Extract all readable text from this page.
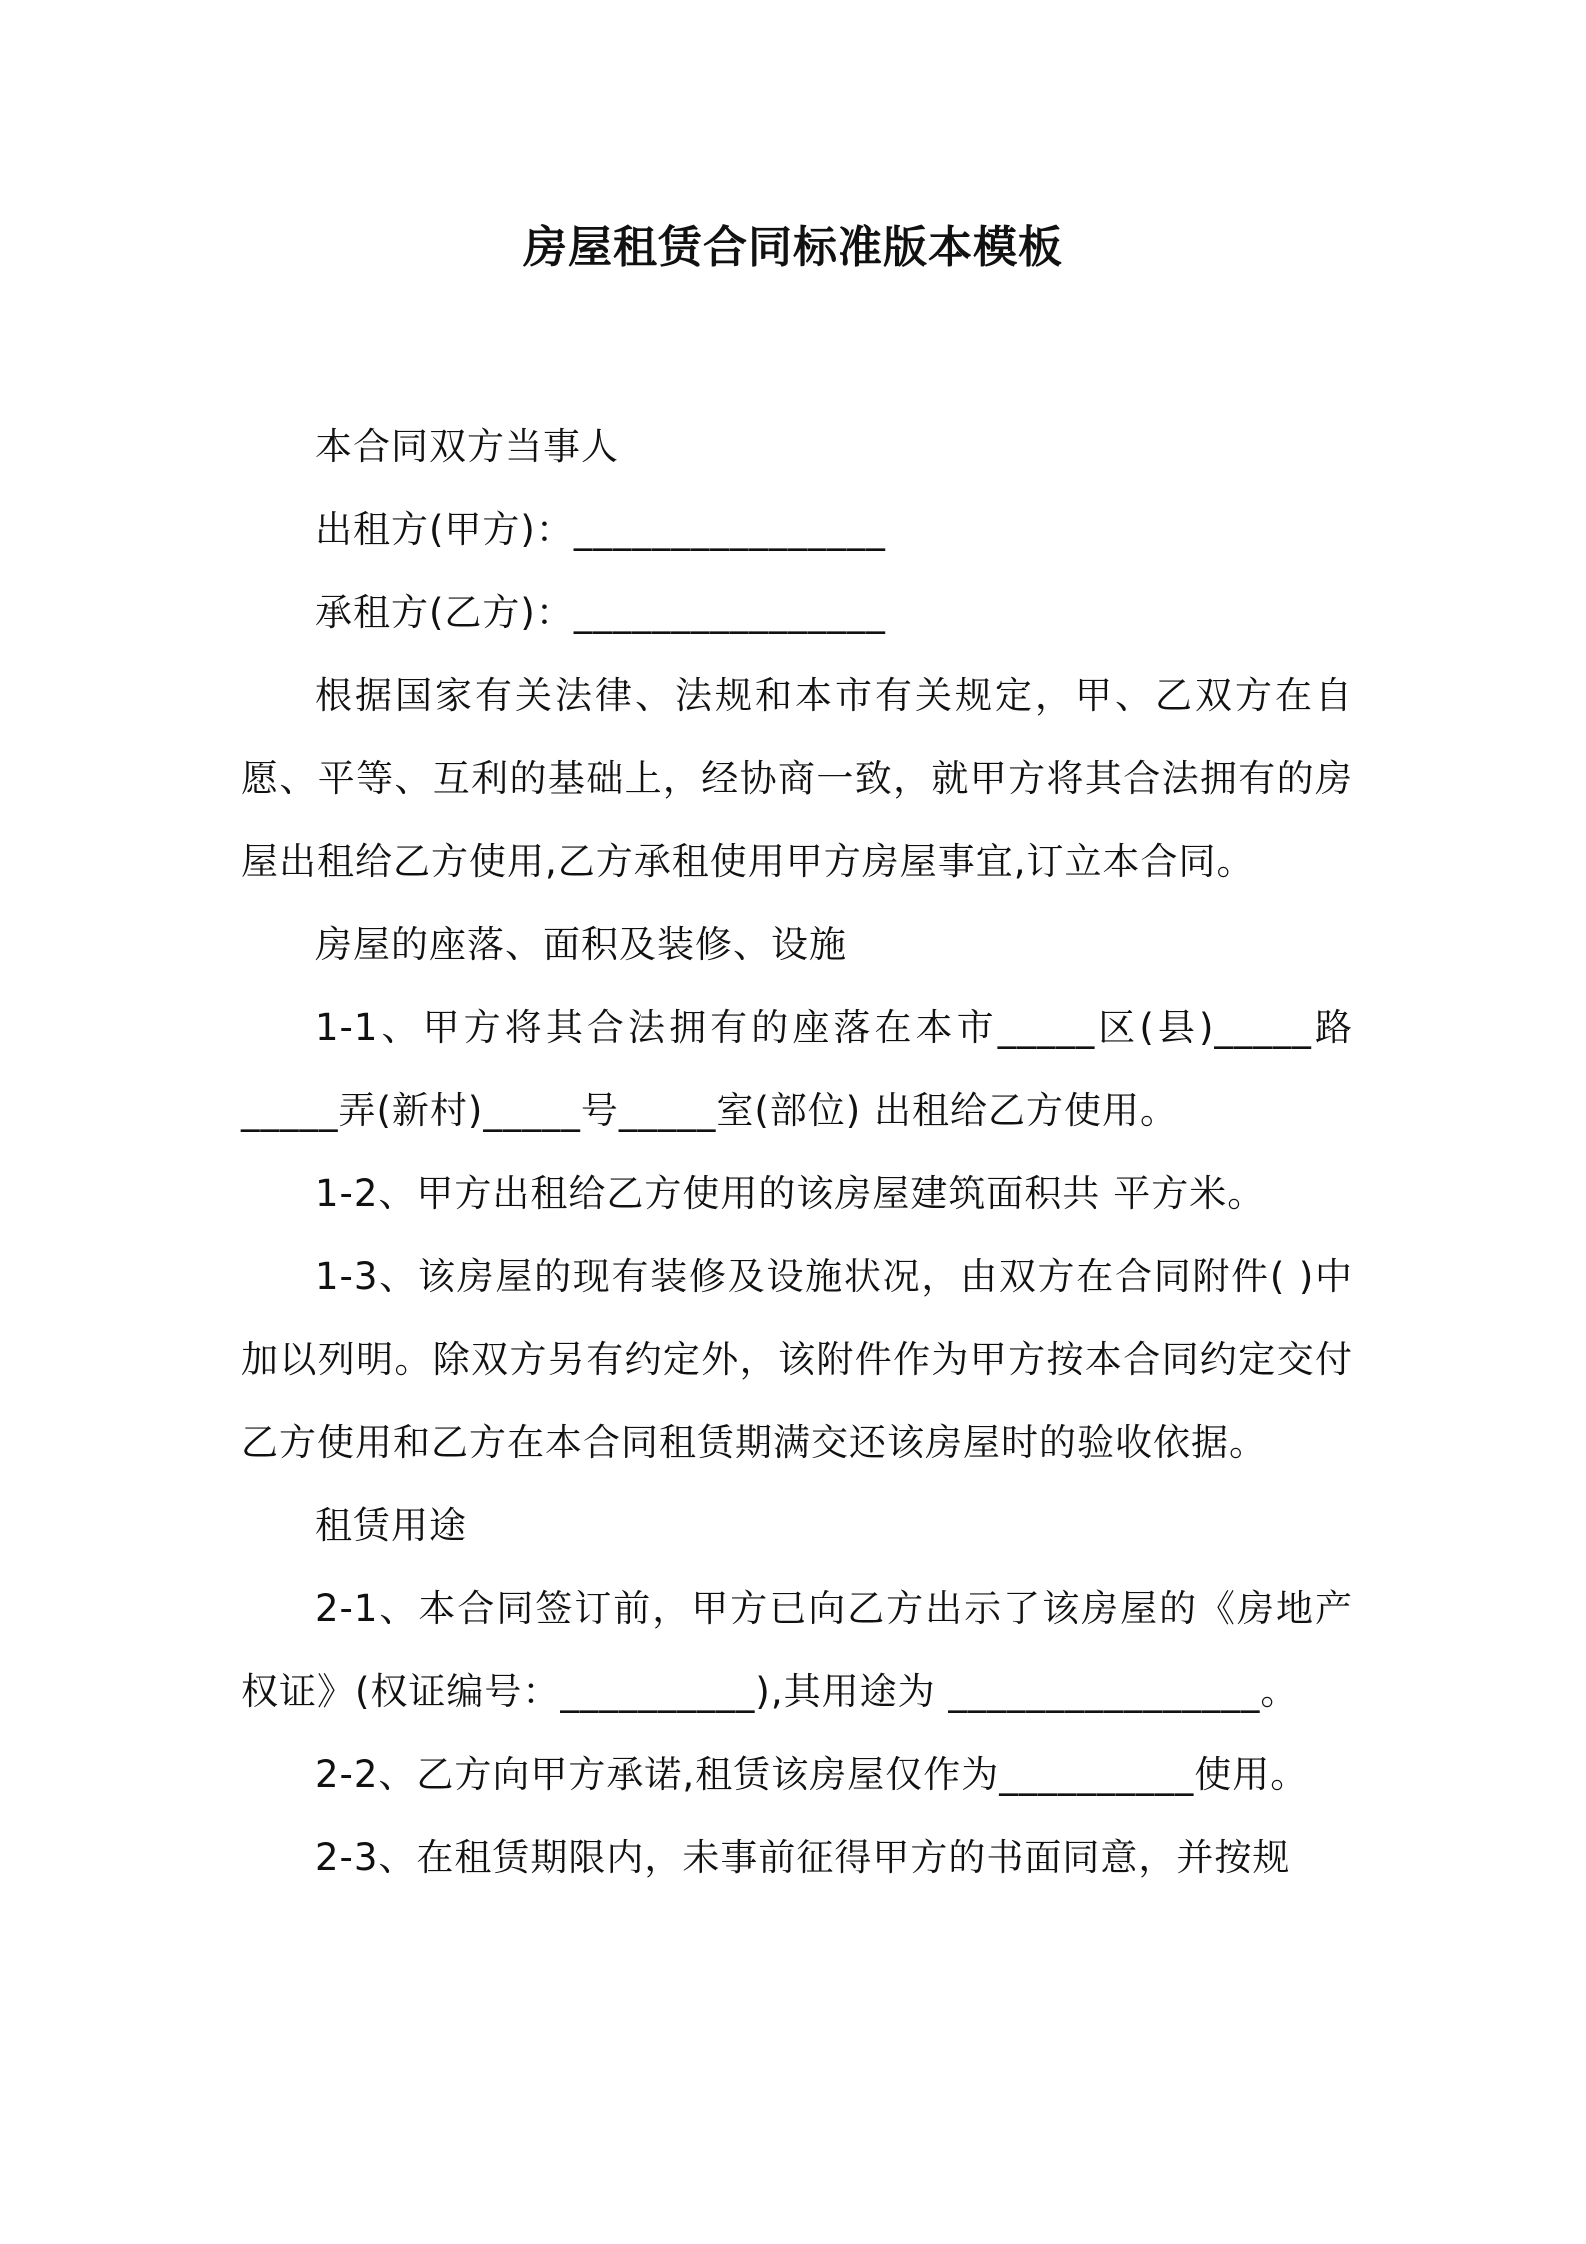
房屋租赁合同标准版本模板

本合同双方当事人

出租方(甲方)：________________

承租方(乙方)：________________

根据国家有关法律、法规和本市有关规定，甲、乙双方在自愿、平等、互利的基础上，经协商一致，就甲方将其合法拥有的房屋出租给乙方使用,乙方承租使用甲方房屋事宜,订立本合同。

房屋的座落、面积及装修、设施

1-1、甲方将其合法拥有的座落在本市_____区(县)_____路_____弄(新村)_____号_____室(部位) 出租给乙方使用。

1-2、甲方出租给乙方使用的该房屋建筑面积共 平方米。

1-3、该房屋的现有装修及设施状况，由双方在合同附件( )中加以列明。除双方另有约定外，该附件作为甲方按本合同约定交付乙方使用和乙方在本合同租赁期满交还该房屋时的验收依据。

租赁用途

2-1、本合同签订前，甲方已向乙方出示了该房屋的《房地产权证》(权证编号：__________),其用途为 ________________。

2-2、乙方向甲方承诺,租赁该房屋仅作为__________使用。

2-3、在租赁期限内，未事前征得甲方的书面同意，并按规
